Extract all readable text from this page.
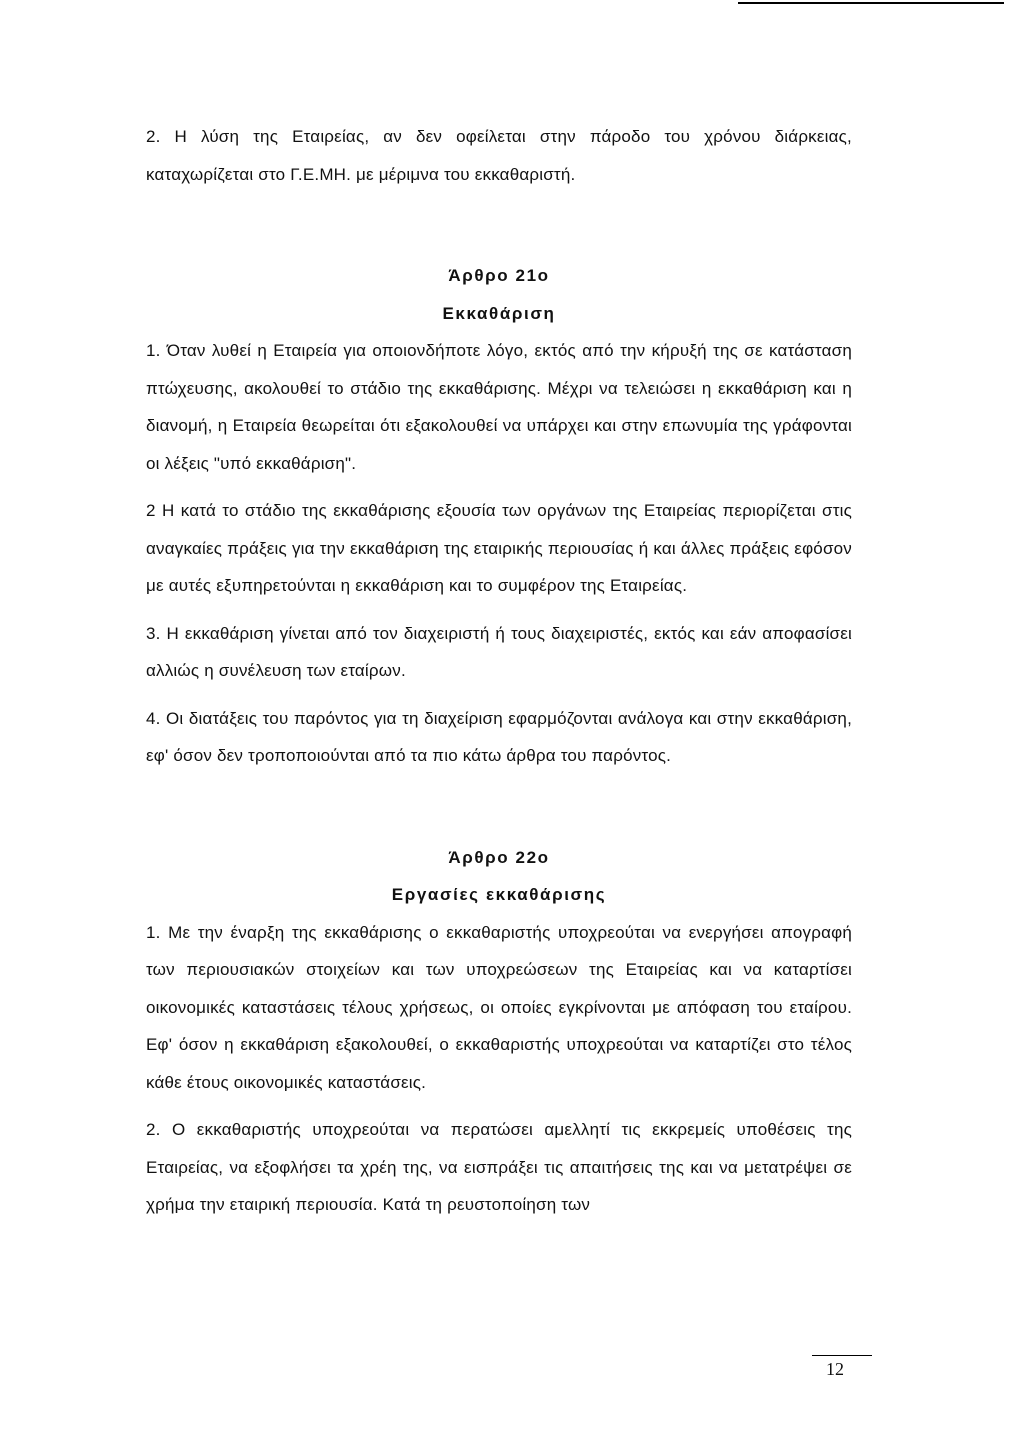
2. Η λύση της Εταιρείας, αν δεν οφείλεται στην πάροδο του χρόνου διάρκειας, καταχωρίζεται στο Γ.Ε.ΜΗ. με μέριμνα του εκκαθαριστή.

Άρθρο 21ο

Εκκαθάριση

1. Όταν λυθεί η Εταιρεία για οποιονδήποτε λόγο, εκτός από την κήρυξή της σε κατάσταση πτώχευσης, ακολουθεί το στάδιο της εκκαθάρισης. Μέχρι να τελειώσει η εκκαθάριση και η διανομή, η Εταιρεία θεωρείται ότι εξακολουθεί να υπάρχει και στην επωνυμία της γράφονται οι λέξεις "υπό εκκαθάριση".

2 Η κατά το στάδιο της εκκαθάρισης εξουσία των οργάνων της Εταιρείας περιορίζεται στις αναγκαίες πράξεις για την εκκαθάριση της εταιρικής περιουσίας ή και άλλες πράξεις εφόσον με αυτές εξυπηρετούνται η εκκαθάριση και το συμφέρον της Εταιρείας.

3. Η εκκαθάριση γίνεται από τον διαχειριστή ή τους διαχειριστές, εκτός και εάν αποφασίσει αλλιώς η συνέλευση των εταίρων.

4. Οι διατάξεις του παρόντος για τη διαχείριση εφαρμόζονται ανάλογα και στην εκκαθάριση, εφ' όσον δεν τροποποιούνται από τα πιο κάτω άρθρα του παρόντος.

Άρθρο 22ο

Εργασίες εκκαθάρισης

1. Με την έναρξη της εκκαθάρισης ο εκκαθαριστής υποχρεούται να ενεργήσει απογραφή των περιουσιακών στοιχείων και των υποχρεώσεων της Εταιρείας και να καταρτίσει οικονομικές καταστάσεις τέλους χρήσεως, οι οποίες εγκρίνονται με απόφαση του εταίρου. Εφ' όσον η εκκαθάριση εξακολουθεί, ο εκκαθαριστής υποχρεούται να καταρτίζει στο τέλος κάθε έτους οικονομικές καταστάσεις.

2. Ο εκκαθαριστής υποχρεούται να περατώσει αμελλητί τις εκκρεμείς υποθέσεις της Εταιρείας, να εξοφλήσει τα χρέη της, να εισπράξει τις απαιτήσεις της και να μετατρέψει σε χρήμα την εταιρική περιουσία. Κατά τη ρευστοποίηση των

12
